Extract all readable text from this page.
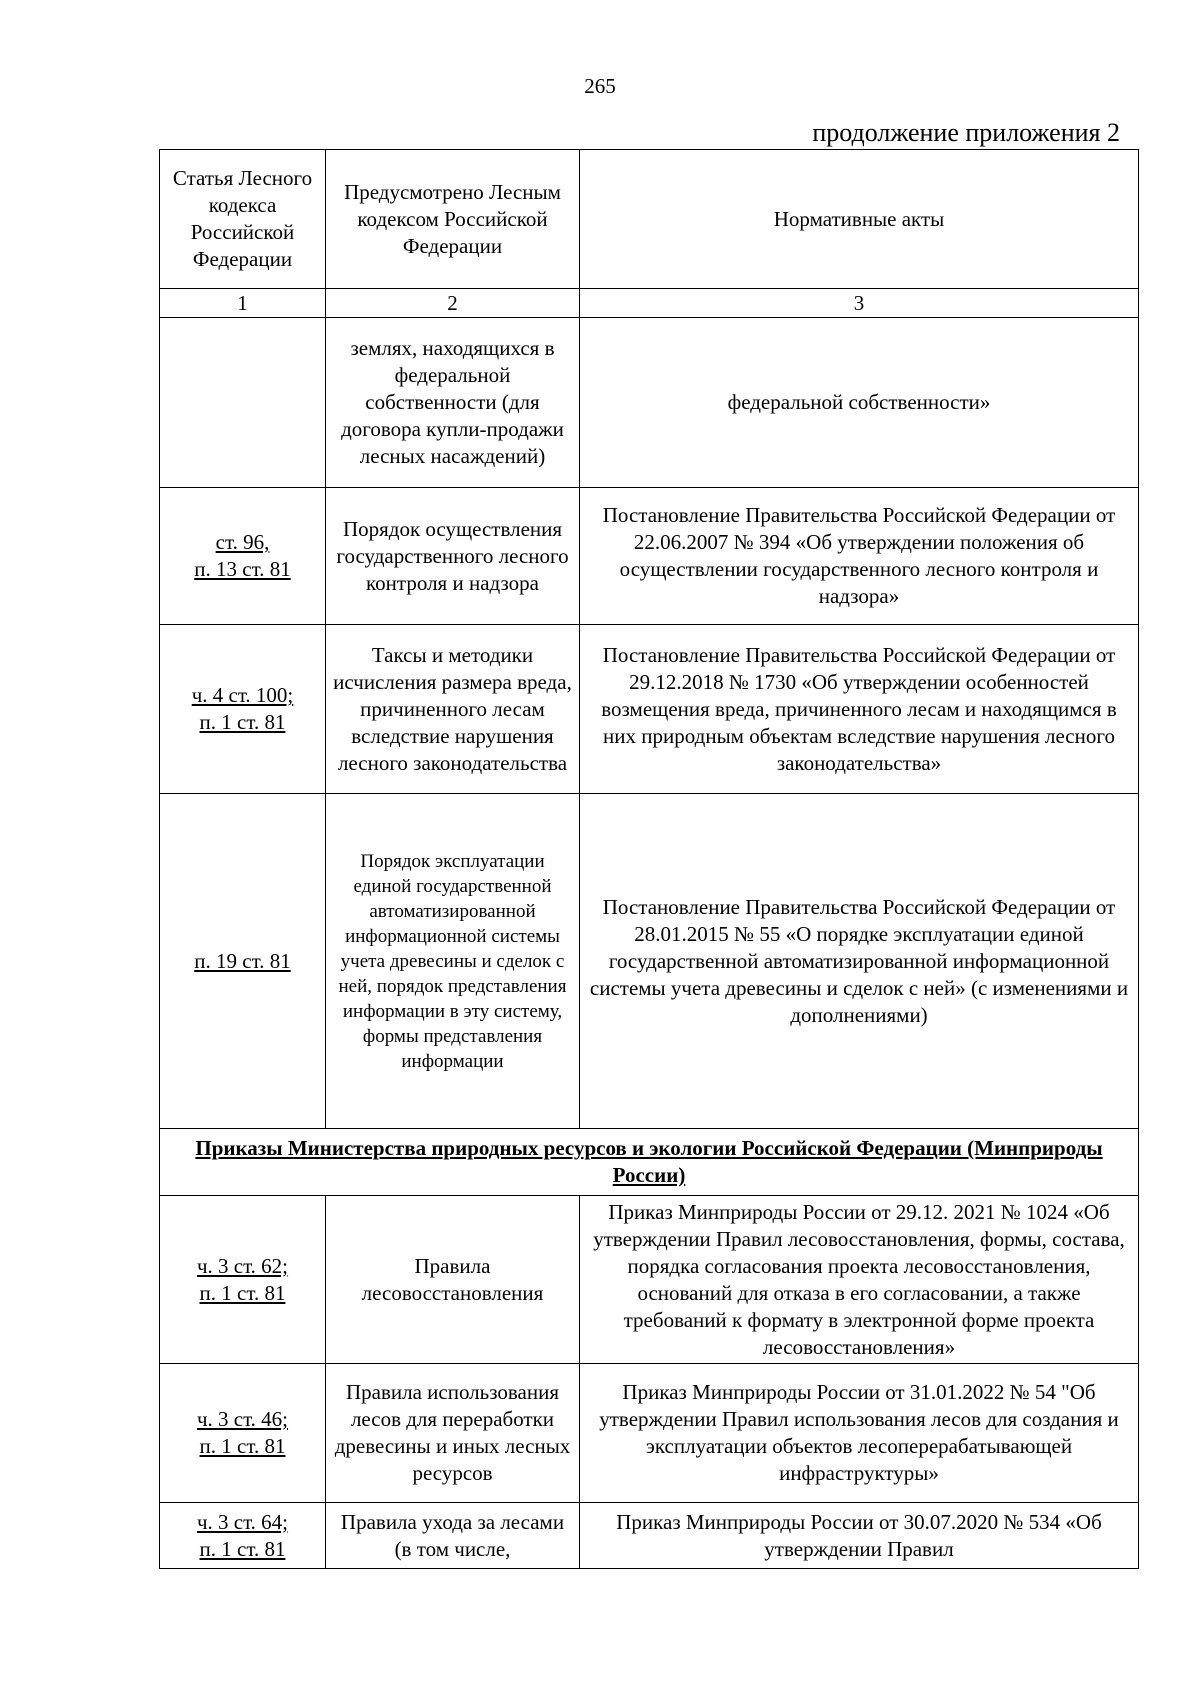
265
продолжение приложения 2
Статья Лесного кодекса Российской Федерации	Предусмотрено Лесным кодексом Российской Федерации	Нормативные акты
1	2	3
	землях, находящихся в федеральной собственности (для договора купли-продажи лесных насаждений)	федеральной собственности»

ст. 96,
п. 13 ст. 81	Порядок осуществления государственного лесного контроля и надзора	Постановление Правительства Российской Федерации от 22.06.2007 № 394 «Об утверждении положения об осуществлении государственного лесного контроля и надзора»

ч. 4 ст. 100;
п. 1 ст. 81	Таксы и методики исчисления размера вреда, причиненного лесам вследствие нарушения лесного законодательства	Постановление Правительства Российской Федерации от 29.12.2018 № 1730 «Об утверждении особенностей возмещения вреда, причиненного лесам и находящимся в них природным объектам вследствие нарушения лесного законодательства»

п. 19 ст. 81	Порядок эксплуатации единой государственной автоматизированной информационной системы учета древесины и сделок с ней, порядок представления информации в эту систему, формы представления информации	Постановление Правительства Российской Федерации от 28.01.2015 № 55 «О порядке эксплуатации единой государственной автоматизированной информационной системы учета древесины и сделок с ней» (с изменениями и дополнениями)
Приказы Министерства природных ресурсов и экологии Российской Федерации (Минприроды России)		

ч. 3 ст. 62;
п. 1 ст. 81	Правила лесовосстановления	Приказ Минприроды России от 29.12. 2021 № 1024 «Об утверждении Правил лесовосстановления, формы, состава, порядка согласования проекта лесовосстановления, оснований для отказа в его согласовании, а также требований к формату в электронной форме проекта лесовосстановления»

ч. 3 ст. 46;
п. 1 ст. 81	Правила использования лесов для переработки древесины и иных лесных ресурсов	Приказ Минприроды России от 31.01.2022 № 54 "Об утверждении Правил использования лесов для создания и эксплуатации объектов лесоперерабатывающей инфраструктуры»

ч. 3 ст. 64;
п. 1 ст. 81	Правила ухода за лесами (в том числе,	Приказ Минприроды России от 30.07.2020 № 534 «Об утверждении Правил
